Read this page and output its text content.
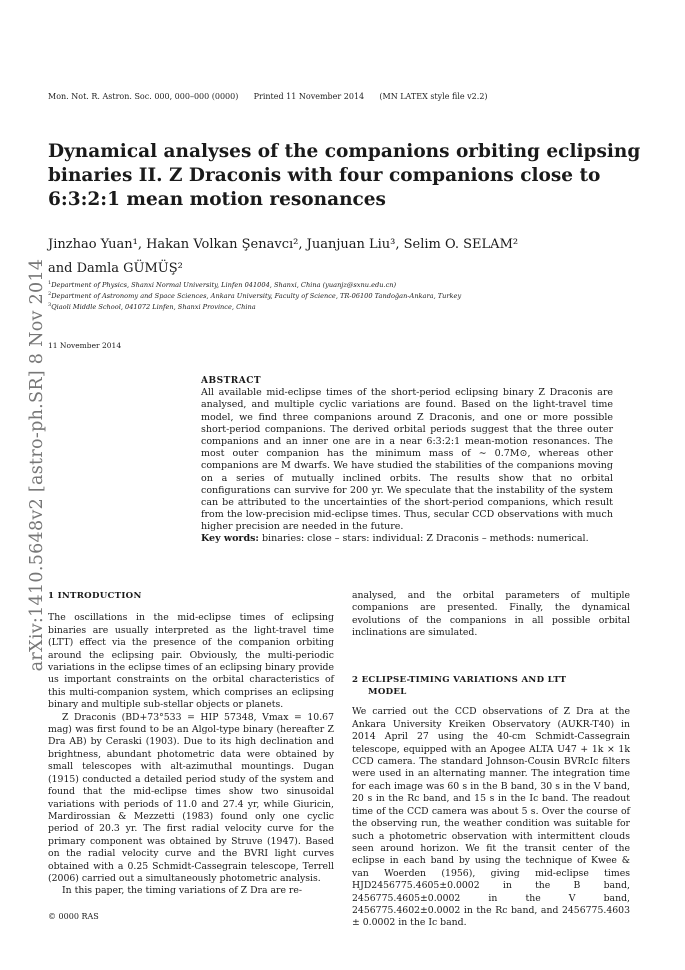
Mon. Not. R. Astron. Soc. 000, 000–000 (0000) Printed 11 November 2014 (MN LATEX style file v2.2)
Dynamical analyses of the companions orbiting eclipsing binaries II. Z Draconis with four companions close to 6:3:2:1 mean motion resonances
Jinzhao Yuan¹, Hakan Volkan Şenavcı², Juanjuan Liu³, Selim O. SELAM²
and Damla GÜMÜŞ²
$^1$Department of Physics, Shanxi Normal University, Linfen 041004, Shanxi, China (yuanjz@sxnu.edu.cn)
$^2$Department of Astronomy and Space Sciences, Ankara University, Faculty of Science, TR-06100 Tandoğan-Ankara, Turkey
$^3$Qiaoli Middle School, 041072 Linfen, Shanxi Province, China
11 November 2014
arXiv:1410.5648v2 [astro-ph.SR] 8 Nov 2014	ABSTRACT
All available mid-eclipse times of the short-period eclipsing binary Z Draconis are analysed, and multiple cyclic variations are found. Based on the light-travel time model, we find three companions around Z Draconis, and one or more possible short-period companions. The derived orbital periods suggest that the three outer companions and an inner one are in a near 6:3:2:1 mean-motion resonances. The most outer companion has the minimum mass of ∼ 0.7M⊙, whereas other companions are M dwarfs. We have studied the stabilities of the companions moving on a series of mutually inclined orbits. The results show that no orbital configurations can survive for 200 yr. We speculate that the instability of the system can be attributed to the uncertainties of the short-period companions, which result from the low-precision mid-eclipse times. Thus, secular CCD observations with much higher precision are needed in the future.
Key words: binaries: close – stars: individual: Z Draconis – methods: numerical.
1 INTRODUCTION

The oscillations in the mid-eclipse times of eclipsing binaries are usually interpreted as the light-travel time (LTT) effect via the presence of the companion orbiting around the eclipsing pair. Obviously, the multi-periodic variations in the eclipse times of an eclipsing binary provide us important constraints on the orbital characteristics of this multi-companion system, which comprises an eclipsing binary and multiple sub-stellar objects or planets.

Z Draconis (BD+73°533 = HIP 57348, Vmax = 10.67 mag) was first found to be an Algol-type binary (hereafter Z Dra AB) by Ceraski (1903). Due to its high declination and brightness, abundant photometric data were obtained by small telescopes with alt-azimuthal mountings. Dugan (1915) conducted a detailed period study of the system and found that the mid-eclipse times show two sinusoidal variations with periods of 11.0 and 27.4 yr, while Giuricin, Mardirossian & Mezzetti (1983) found only one cyclic period of 20.3 yr. The first radial velocity curve for the primary component was obtained by Struve (1947). Based on the radial velocity curve and the BVRI light curves obtained with a 0.25 Schmidt-Cassegrain telescope, Terrell (2006) carried out a simultaneously photometric analysis.

In this paper, the timing variations of Z Dra are re-

analysed, and the orbital parameters of multiple companions are presented. Finally, the dynamical evolutions of the companions in all possible orbital inclinations are simulated.

2 ECLIPSE-TIMING VARIATIONS AND LTT
MODEL

We carried out the CCD observations of Z Dra at the Ankara University Kreiken Observatory (AUKR-T40) in 2014 April 27 using the 40-cm Schmidt-Cassegrain telescope, equipped with an Apogee ALTA U47 + 1k × 1k CCD camera. The standard Johnson-Cousin BVRcIc filters were used in an alternating manner. The integration time for each image was 60 s in the B band, 30 s in the V band, 20 s in the Rc band, and 15 s in the Ic band. The readout time of the CCD camera was about 5 s. Over the course of the observing run, the weather condition was suitable for such a photometric observation with intermittent clouds seen around horizon. We fit the transit center of the eclipse in each band by using the technique of Kwee & van Woerden (1956), giving mid-eclipse times HJD2456775.4605±0.0002 in the B band, 2456775.4605±0.0002 in the V band, 2456775.4602±0.0002 in the Rc band, and 2456775.4603 ± 0.0002 in the Ic band.

© 0000 RAS
